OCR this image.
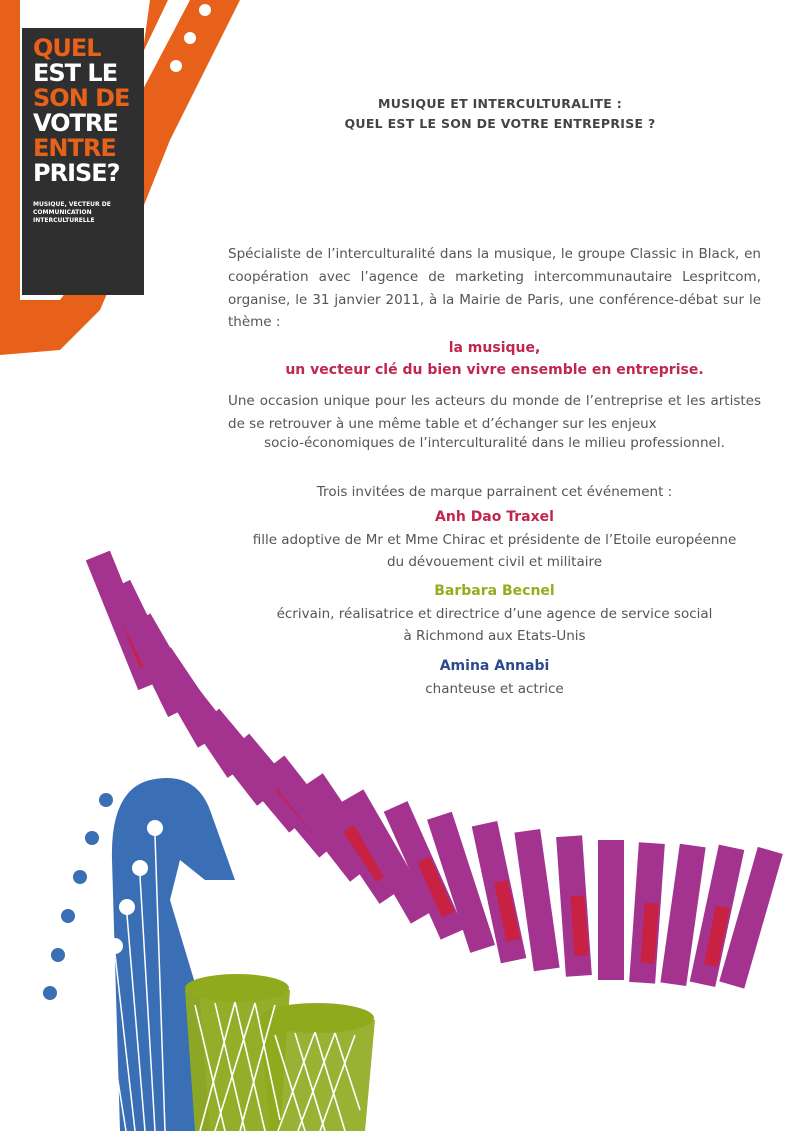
QUEL
EST LE
SON DE
VOTRE
ENTRE
PRISE?
MUSIQUE, VECTEUR DE COMMUNICATION INTERCULTURELLE
MUSIQUE ET INTERCULTURALITE :
QUEL EST LE SON DE VOTRE ENTREPRISE ?
Spécialiste de l’interculturalité dans la musique, le groupe Classic in Black, en coopération avec l’agence de marketing intercommunautaire Lespritcom, organise, le 31 janvier 2011, à la Mairie de Paris, une conférence-débat sur le thème :
la musique,
un vecteur clé du bien vivre ensemble en entreprise.
Une occasion unique pour les acteurs du monde de l’entreprise et les artistes de se retrouver à une même table et d’échanger sur les enjeux
socio-économiques de l’interculturalité dans le milieu professionnel.
Trois invitées de marque parrainent cet événement :
Anh Dao Traxel
fille adoptive de Mr et Mme Chirac et présidente de l’Etoile européenne
du dévouement civil et militaire
Barbara Becnel
écrivain, réalisatrice et directrice d’une agence de service social
à Richmond aux Etats-Unis
Amina Annabi
chanteuse et actrice
